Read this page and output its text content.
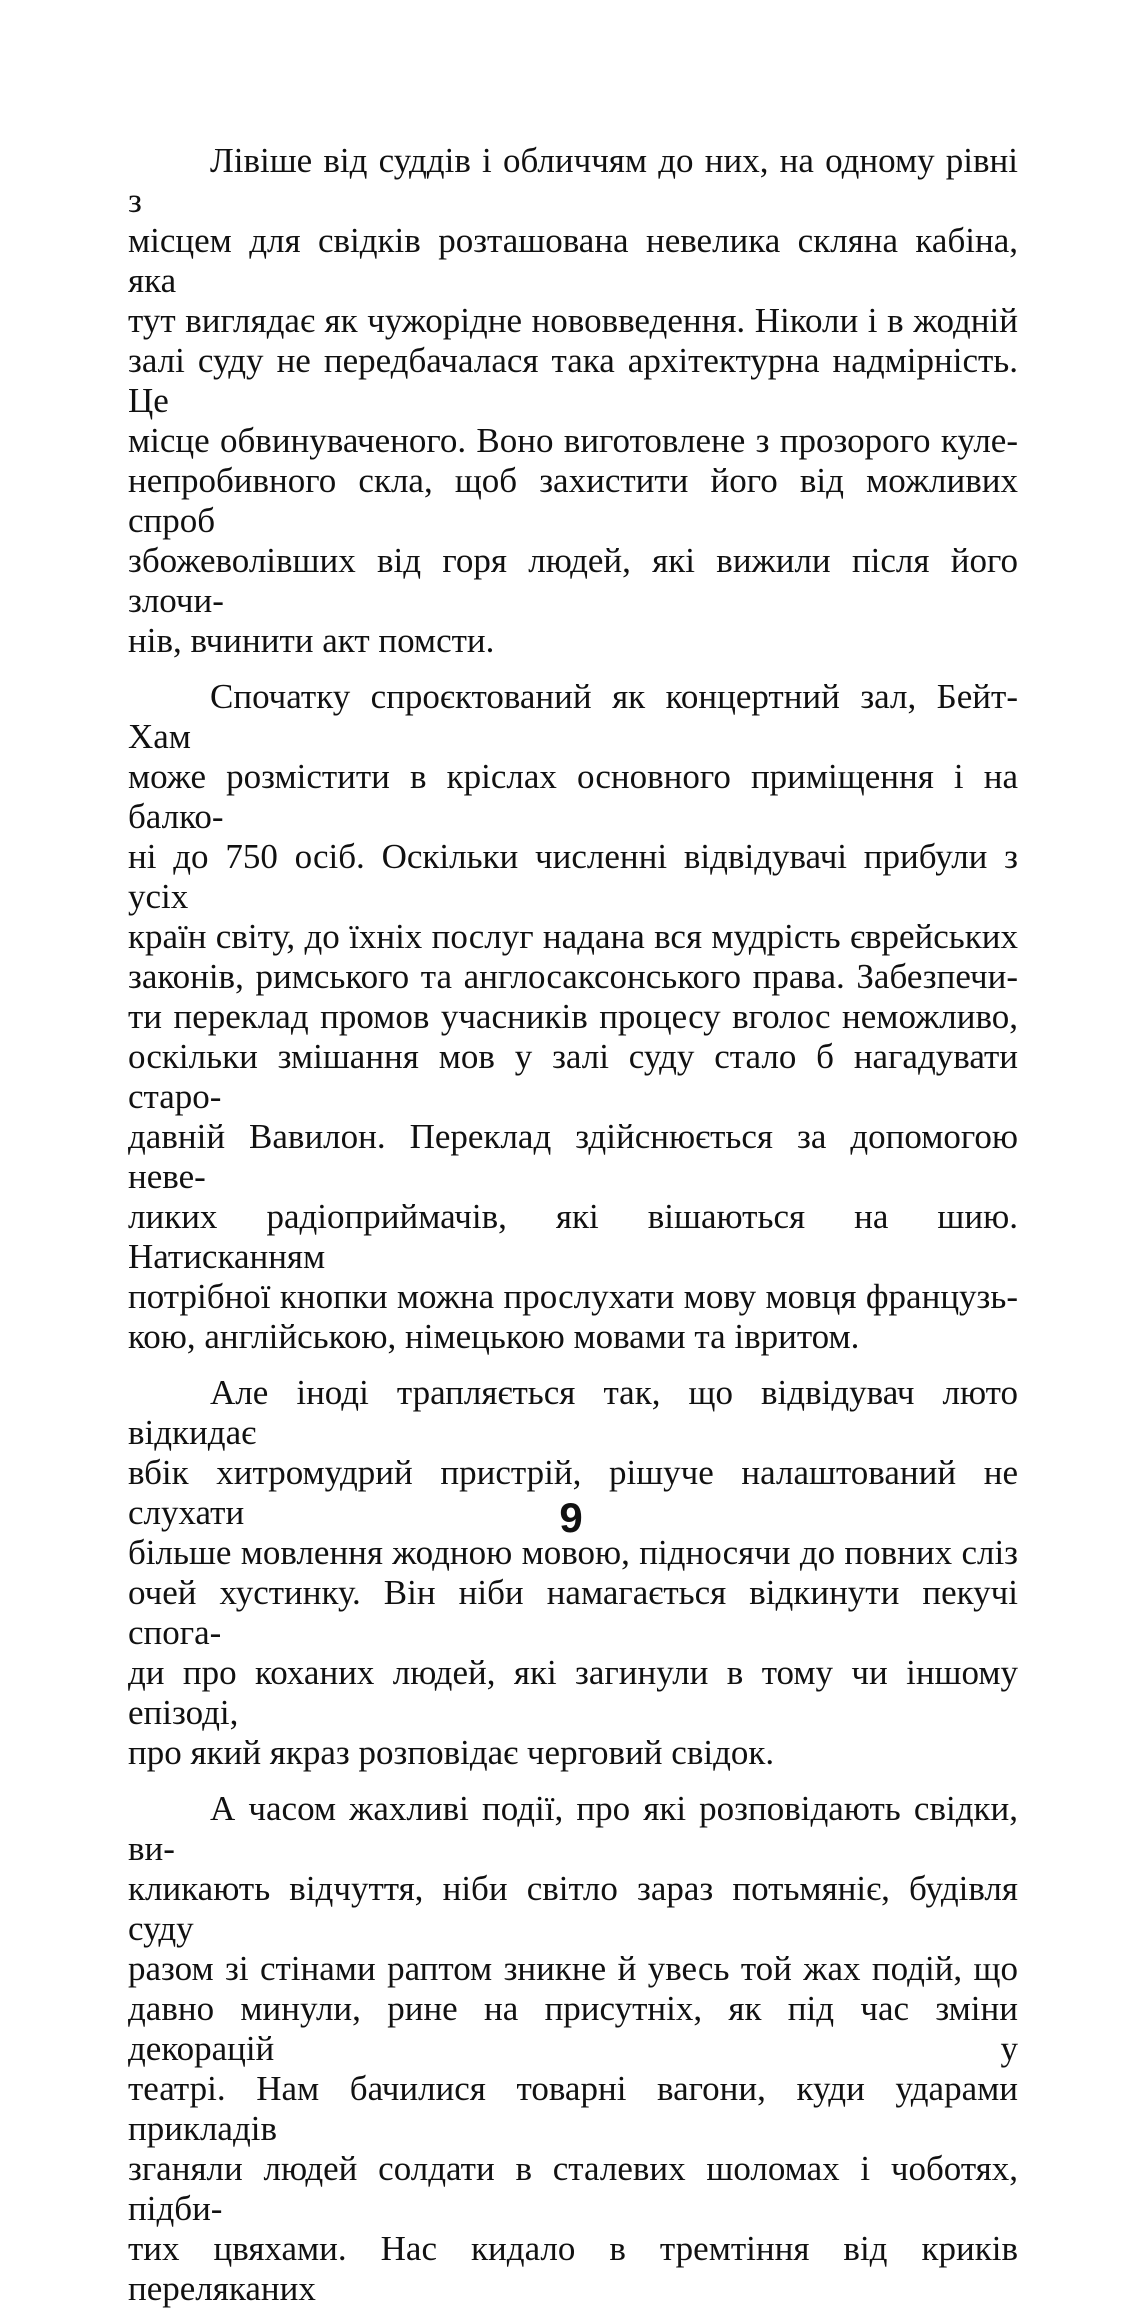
Лівіше від суддів і обличчям до них, на одному рівні з
місцем для свідків розташована невелика скляна кабіна, яка
тут виглядає як чужорідне нововведення. Ніколи і в жодній
залі суду не передбачалася така архітектурна надмірність. Це
місце обвинуваченого. Воно виготовлене з прозорого куле-
непробивного скла, щоб захистити його від можливих спроб
збожеволівших від горя людей, які вижили після його злочи-
нів, вчинити акт помсти.
Спочатку спроєктований як концертний зал, Бейт-Хам
може розмістити в кріслах основного приміщення і на балко-
ні до 750 осіб. Оскільки численні відвідувачі прибули з усіх
країн світу, до їхніх послуг надана вся мудрість єврейських
законів, римського та англосаксонського права. Забезпечи-
ти переклад промов учасників процесу вголос неможливо,
оскільки змішання мов у залі суду стало б нагадувати старо-
давній Вавилон. Переклад здійснюється за допомогою неве-
ликих радіоприймачів, які вішаються на шию. Натисканням
потрібної кнопки можна прослухати мову мовця французь-
кою, англійською, німецькою мовами та івритом.
Але іноді трапляється так, що відвідувач люто відкидає
вбік хитромудрий пристрій, рішуче налаштований не слухати
більше мовлення жодною мовою, підносячи до повних сліз
очей хустинку. Він ніби намагається відкинути пекучі спога-
ди про коханих людей, які загинули в тому чи іншому епізоді,
про який якраз розповідає черговий свідок.
А часом жахливі події, про які розповідають свідки, ви-
кликають відчуття, ніби світло зараз потьмяніє, будівля суду
разом зі стінами раптом зникне й увесь той жах подій, що
давно минули, рине на присутніх, як під час зміни декорацій у
театрі. Нам бачилися товарні вагони, куди ударами прикладів
зганяли людей солдати в сталевих шоломах і чоботях, підби-
тих цвяхами. Нас кидало в тремтіння від криків переляканих
9
